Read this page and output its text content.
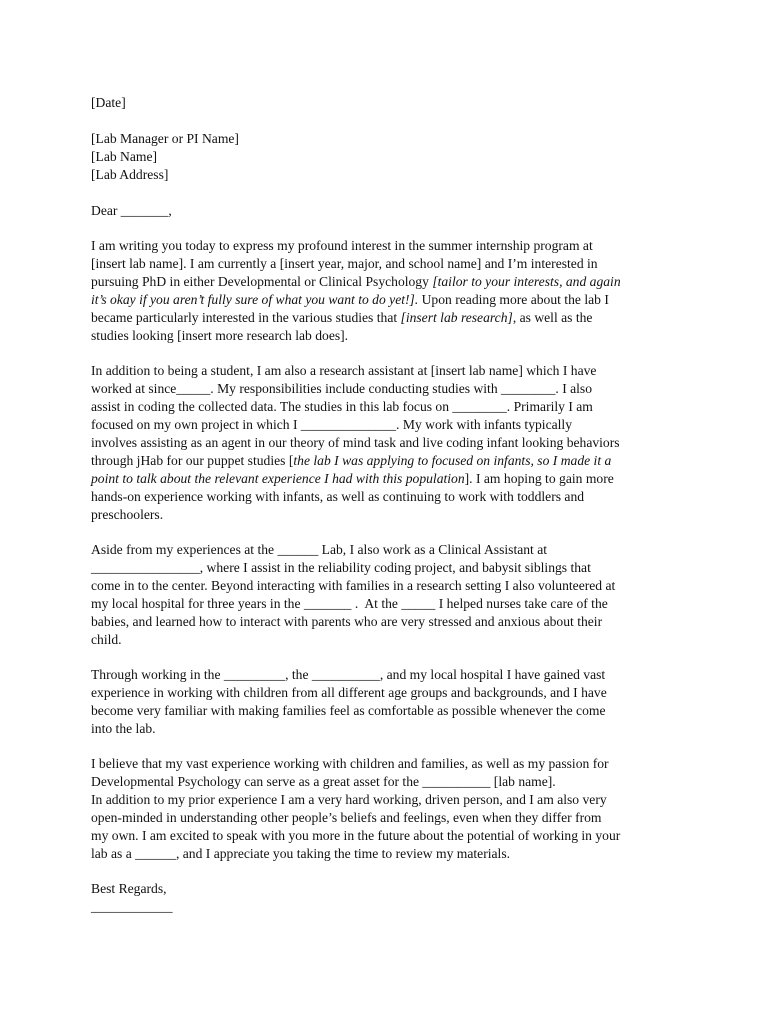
[Date]
[Lab Manager or PI Name]
[Lab Name]
[Lab Address]
Dear _______,
I am writing you today to express my profound interest in the summer internship program at
[insert lab name]. I am currently a [insert year, major, and school name] and I’m interested in
pursuing PhD in either Developmental or Clinical Psychology [tailor to your interests, and again
it’s okay if you aren’t fully sure of what you want to do yet!]. Upon reading more about the lab I
became particularly interested in the various studies that [insert lab research], as well as the
studies looking [insert more research lab does].
In addition to being a student, I am also a research assistant at [insert lab name] which I have
worked at since_____. My responsibilities include conducting studies with ________. I also
assist in coding the collected data. The studies in this lab focus on ________. Primarily I am
focused on my own project in which I ______________. My work with infants typically
involves assisting as an agent in our theory of mind task and live coding infant looking behaviors
through jHab for our puppet studies [the lab I was applying to focused on infants, so I made it a
point to talk about the relevant experience I had with this population]. I am hoping to gain more
hands-on experience working with infants, as well as continuing to work with toddlers and
preschoolers.
Aside from my experiences at the ______ Lab, I also work as a Clinical Assistant at
________________, where I assist in the reliability coding project, and babysit siblings that
come in to the center. Beyond interacting with families in a research setting I also volunteered at
my local hospital for three years in the _______ .  At the _____ I helped nurses take care of the
babies, and learned how to interact with parents who are very stressed and anxious about their
child.
Through working in the _________, the __________, and my local hospital I have gained vast
experience in working with children from all different age groups and backgrounds, and I have
become very familiar with making families feel as comfortable as possible whenever the come
into the lab.
I believe that my vast experience working with children and families, as well as my passion for
Developmental Psychology can serve as a great asset for the __________ [lab name].
In addition to my prior experience I am a very hard working, driven person, and I am also very
open-minded in understanding other people’s beliefs and feelings, even when they differ from
my own. I am excited to speak with you more in the future about the potential of working in your
lab as a ______, and I appreciate you taking the time to review my materials.
Best Regards,
____________
